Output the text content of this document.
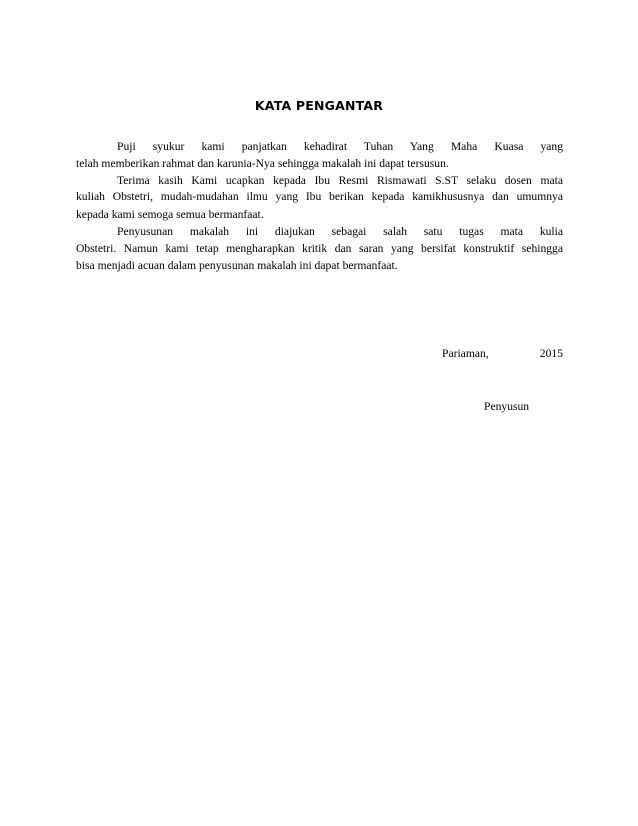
KATA PENGANTAR
Puji syukur kami panjatkan kehadirat Tuhan Yang Maha Kuasa yang
telah memberikan rahmat dan karunia-Nya sehingga makalah ini dapat tersusun.
Terima kasih Kami ucapkan kepada Ibu Resmi Rismawati S.ST selaku dosen mata
kuliah Obstetri, mudah-mudahan ilmu yang Ibu berikan kepada kamikhususnya dan umumnya
kepada kami semoga semua bermanfaat.
Penyusunan makalah ini diajukan sebagai salah satu tugas mata kulia
Obstetri. Namun kami tetap mengharapkan kritik dan saran yang bersifat konstruktif sehingga
bisa menjadi acuan dalam penyusunan makalah ini dapat bermanfaat.
Pariaman, 2015
Penyusun
